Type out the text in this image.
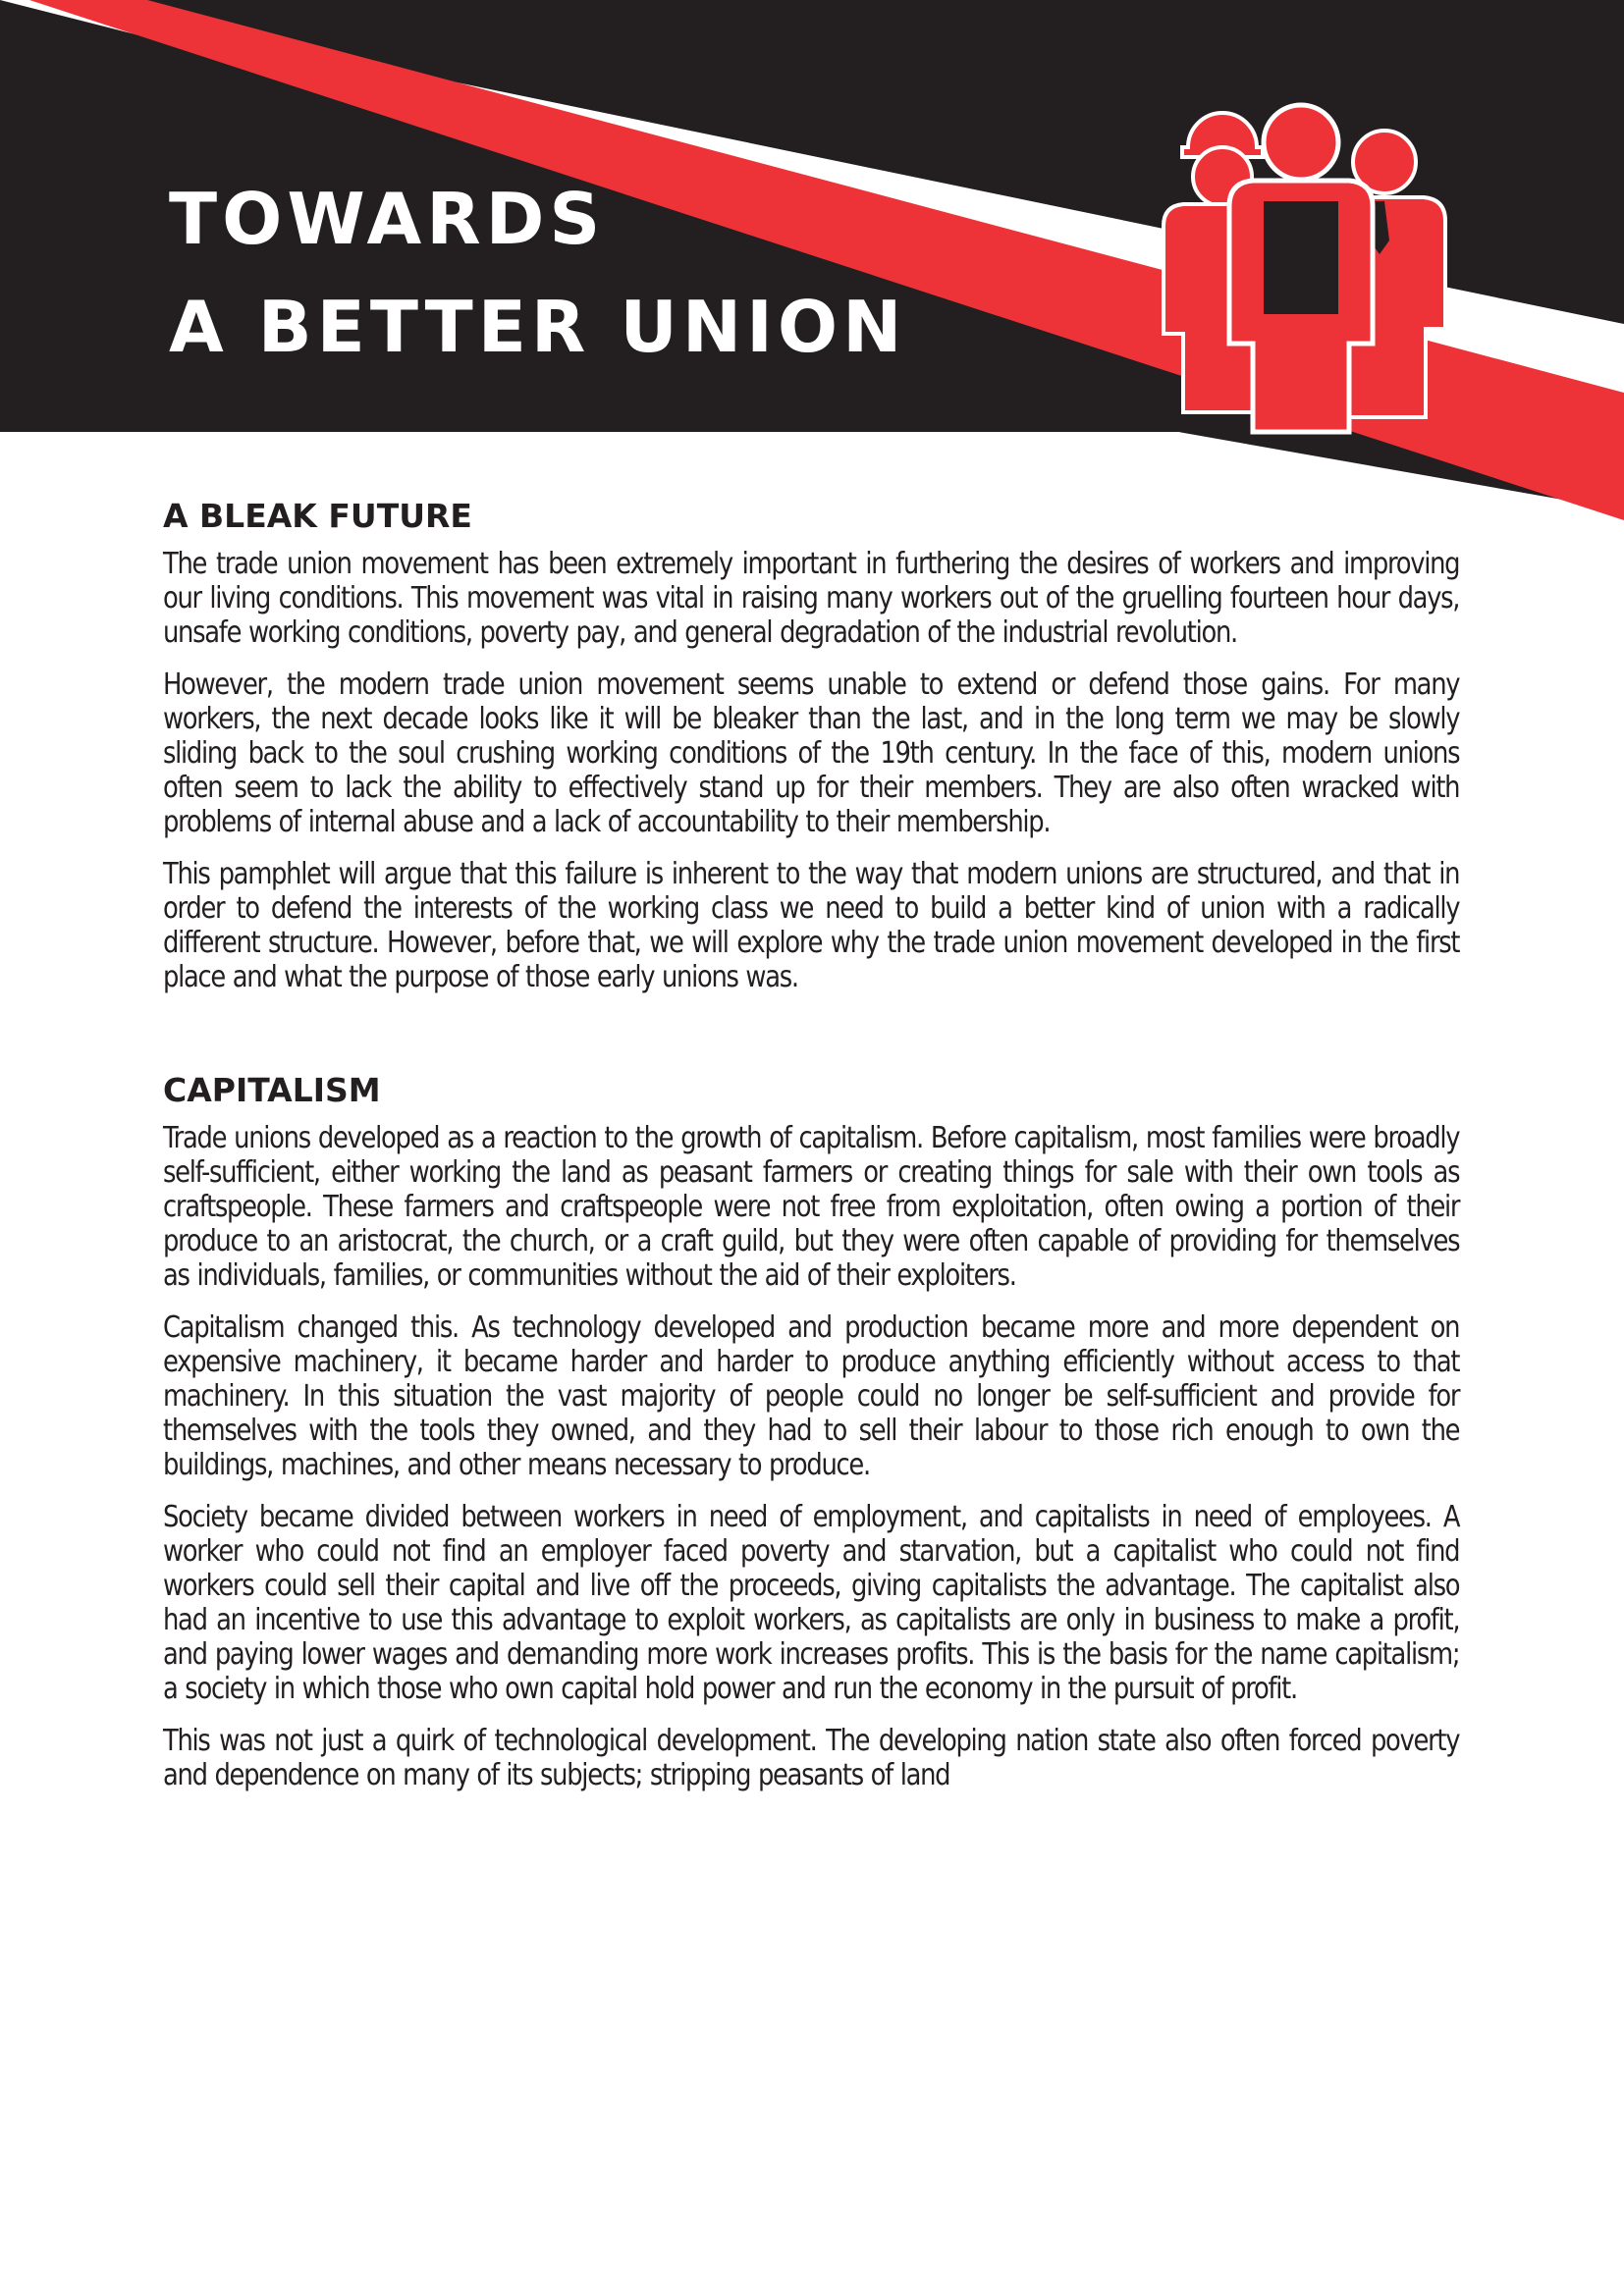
TOWARDS
A BETTER UNION
A BLEAK FUTURE

The trade union movement has been extremely important in furthering the desires of workers and improving our living conditions. This movement was vital in raising many workers out of the gruelling fourteen hour days, unsafe working conditions, poverty pay, and general degradation of the industrial revolution.

However, the modern trade union movement seems unable to extend or defend those gains. For many workers, the next decade looks like it will be bleaker than the last, and in the long term we may be slowly sliding back to the soul crushing working conditions of the 19th century. In the face of this, modern unions often seem to lack the ability to effectively stand up for their members. They are also often wracked with problems of internal abuse and a lack of accountability to their membership.

This pamphlet will argue that this failure is inherent to the way that modern unions are structured, and that in order to defend the interests of the working class we need to build a better kind of union with a radically different structure. However, before that, we will explore why the trade union movement developed in the first place and what the purpose of those early unions was.

CAPITALISM

Trade unions developed as a reaction to the growth of capitalism. Before capitalism, most families were broadly self-sufficient, either working the land as peasant farmers or creating things for sale with their own tools as craftspeople. These farmers and craftspeople were not free from exploitation, often owing a portion of their produce to an aristocrat, the church, or a craft guild, but they were often capable of providing for themselves as individuals, families, or communities without the aid of their exploiters.

Capitalism changed this. As technology developed and production became more and more dependent on expensive machinery, it became harder and harder to produce anything efficiently without access to that machinery. In this situation the vast majority of people could no longer be self-sufficient and provide for themselves with the tools they owned, and they had to sell their labour to those rich enough to own the buildings, machines, and other means necessary to produce.

Society became divided between workers in need of employment, and capitalists in need of employees. A worker who could not find an employer faced poverty and starvation, but a capitalist who could not find workers could sell their capital and live off the proceeds, giving capitalists the advantage. The capitalist also had an incentive to use this advantage to exploit workers, as capitalists are only in business to make a profit, and paying lower wages and demanding more work increases profits. This is the basis for the name capitalism; a society in which those who own capital hold power and run the economy in the pursuit of profit.

This was not just a quirk of technological development. The developing nation state also often forced poverty and dependence on many of its subjects; stripping peasants of land
